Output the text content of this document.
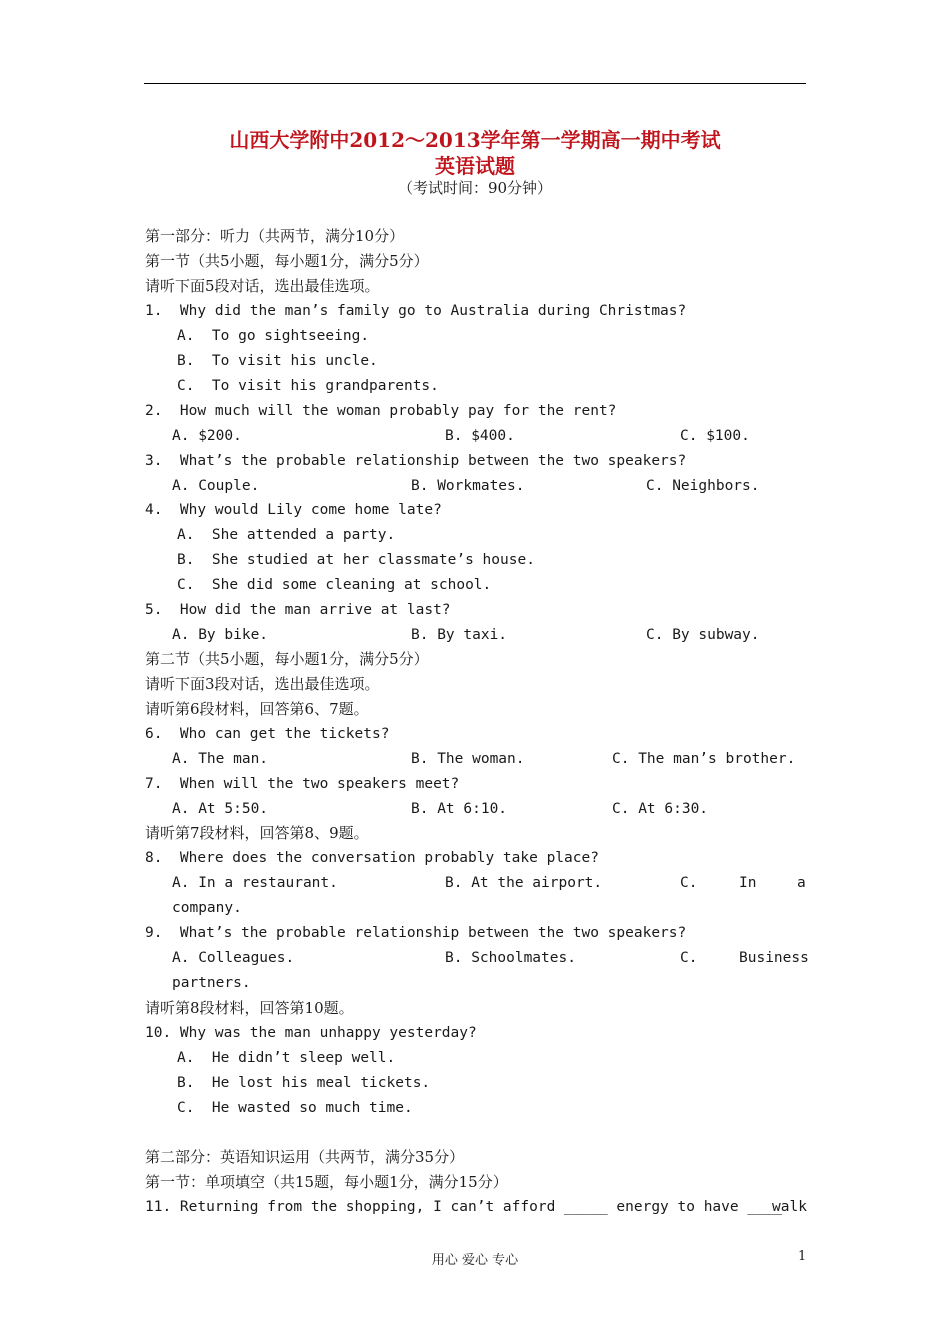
山西大学附中2012～2013学年第一学期高一期中考试
英语试题
（考试时间：90分钟）
第一部分：听力（共两节，满分10分）
第一节（共5小题，每小题1分，满分5分）
请听下面5段对话，选出最佳选项。
1.  Why did the man’s family go to Australia during Christmas?
A.  To go sightseeing.
B.  To visit his uncle.
C.  To visit his grandparents.
2.  How much will the woman probably pay for the rent?
A. $200.	B. $400.	C. $100.
3.  What’s the probable relationship between the two speakers?
A. Couple.	B. Workmates.	C. Neighbors.
4.  Why would Lily come home late?
A.  She attended a party.
B.  She studied at her classmate’s house.
C.  She did some cleaning at school.
5.  How did the man arrive at last?
A. By bike.	B. By taxi.	C. By subway.
第二节（共5小题，每小题1分，满分5分）
请听下面3段对话，选出最佳选项。
请听第6段材料，回答第6、7题。
6.  Who can get the tickets?
A. The man.	B. The woman.	C. The man’s brother.
7.  When will the two speakers meet?
A. At 5:50.	B. At 6:10.	C. At 6:30.
请听第7段材料，回答第8、9题。
8.  Where does the conversation probably take place?
A. In a restaurant.	B. At the airport.	C.	In	a
company.
9.  What’s the probable relationship between the two speakers?
A. Colleagues.	B. Schoolmates.	C.	Business
partners.
请听第8段材料，回答第10题。
10. Why was the man unhappy yesterday?
A.  He didn’t sleep well.
B.  He lost his meal tickets.
C.  He wasted so much time.
第二部分：英语知识运用（共两节，满分35分）
第一节：单项填空（共15题，每小题1分，满分15分）
11. Returning from the shopping, I can’t afford _____ energy to have ____
walk
用心 爱心 专心	1
